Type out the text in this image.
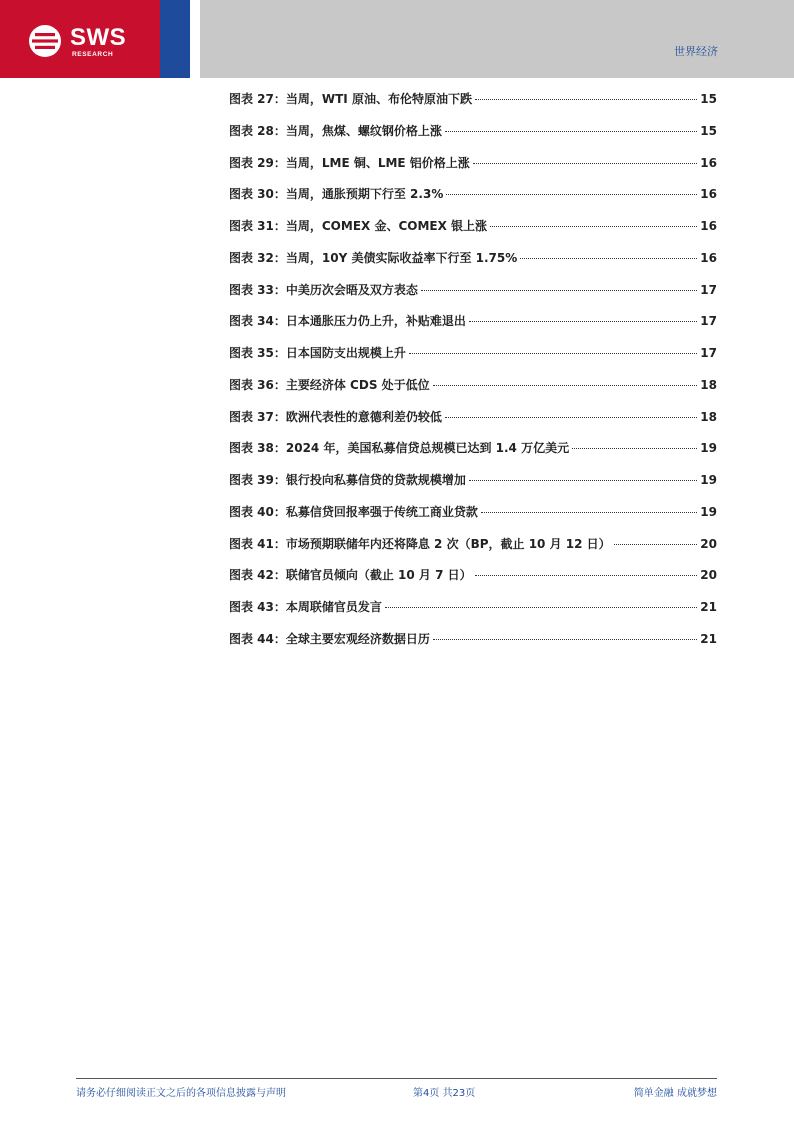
SWS
RESEARCH	世界经济
图表 27：当周，WTI 原油、布伦特原油下跌	15
图表 28：当周，焦煤、螺纹钢价格上涨	15
图表 29：当周，LME 铜、LME 铝价格上涨	16
图表 30：当周，通胀预期下行至 2.3%	16
图表 31：当周，COMEX 金、COMEX 银上涨	16
图表 32：当周，10Y 美债实际收益率下行至 1.75%	16
图表 33：中美历次会晤及双方表态	17
图表 34：日本通胀压力仍上升，补贴难退出	17
图表 35：日本国防支出规模上升	17
图表 36：主要经济体 CDS 处于低位	18
图表 37：欧洲代表性的意德利差仍较低	18
图表 38：2024 年，美国私募信贷总规模已达到 1.4 万亿美元	19
图表 39：银行投向私募信贷的贷款规模增加	19
图表 40：私募信贷回报率强于传统工商业贷款	19
图表 41：市场预期联储年内还将降息 2 次（BP，截止 10 月 12 日）	20
图表 42：联储官员倾向（截止 10 月 7 日）	20
图表 43：本周联储官员发言	21
图表 44：全球主要宏观经济数据日历	21
请务必仔细阅读正文之后的各项信息披露与声明	第4页 共23页	简单金融 成就梦想
